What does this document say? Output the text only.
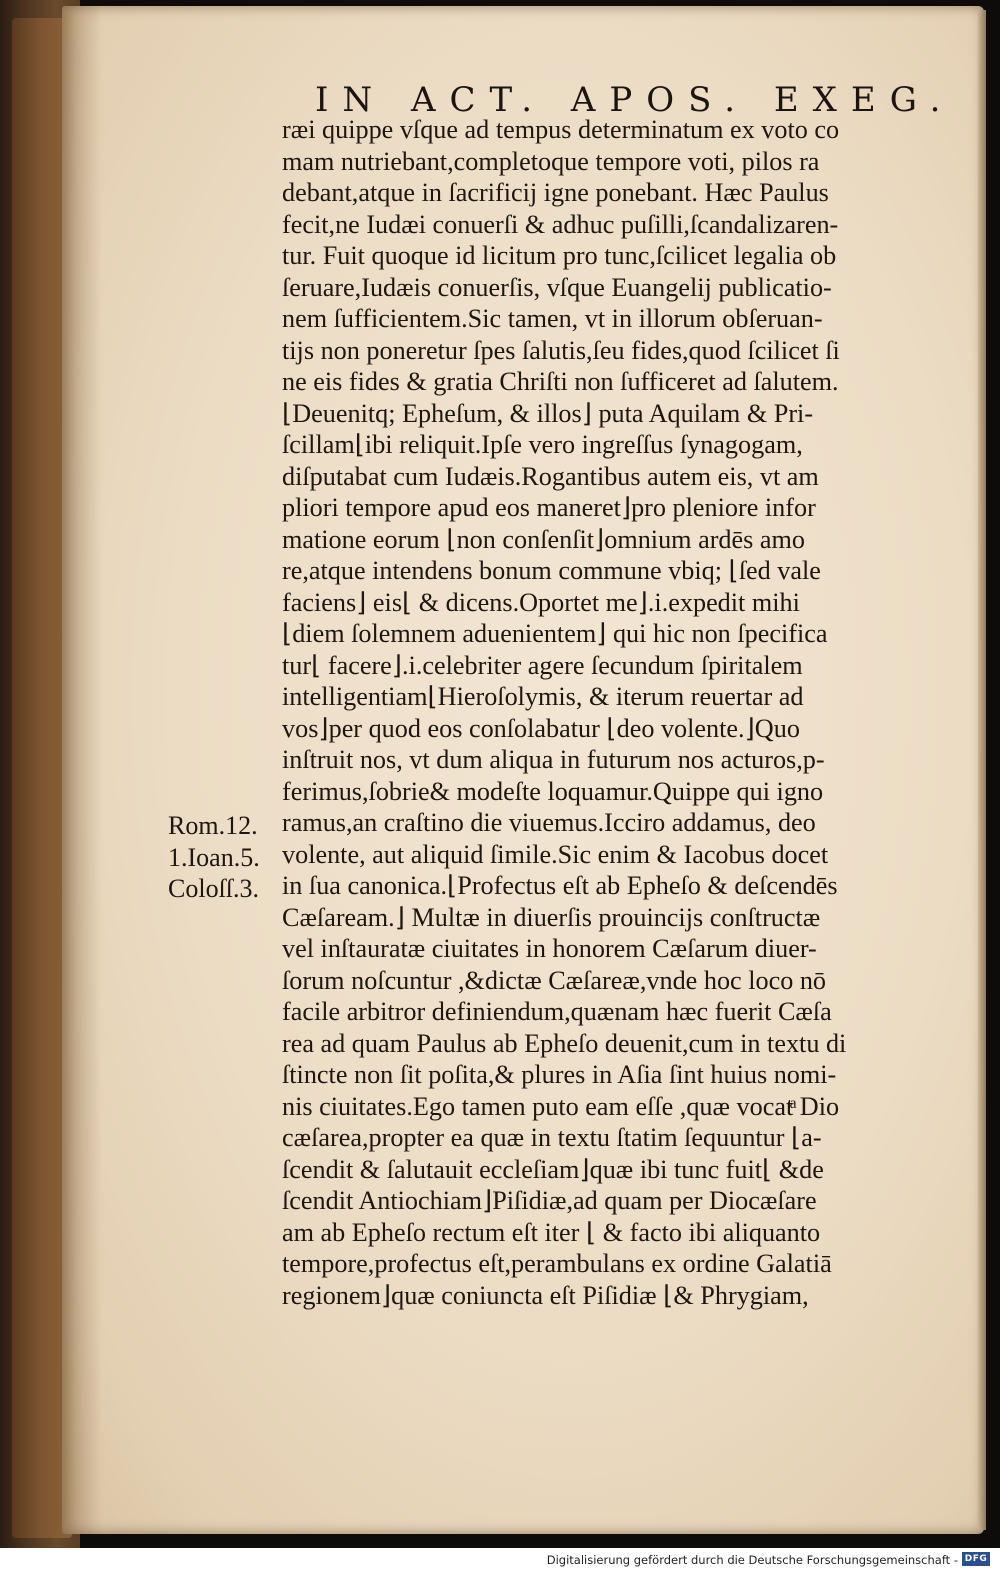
IN ACT. APOS. EXEG.
ræi quippe vſque ad tempus determinatum ex voto co
mam nutriebant,completoque tempore voti, pilos ra
debant,atque in ſacrificij igne ponebant. Hæc Paulus
fecit,ne Iudæi conuerſi & adhuc puſilli,ſcandalizaren-
tur. Fuit quoque id licitum pro tunc,ſcilicet legalia ob
ſeruare,Iudæis conuerſis, vſque Euangelij publicatio-
nem ſufficientem.Sic tamen, vt in illorum obſeruan-
tijs non poneretur ſpes ſalutis,ſeu fides,quod ſcilicet ſi
ne eis fides & gratia Chriſti non ſufficeret ad ſalutem.
⌊Deuenitq; Epheſum, & illos⌋ puta Aquilam & Pri-
ſcillam⌊ibi reliquit.Ipſe vero ingreſſus ſynagogam,
diſputabat cum Iudæis.Rogantibus autem eis, vt am
pliori tempore apud eos maneret⌋pro pleniore infor
matione eorum ⌊non conſenſit⌋omnium ardēs amo
re,atque intendens bonum commune vbiq; ⌊ſed vale
faciens⌋ eis⌊ & dicens.Oportet me⌋.i.expedit mihi
⌊diem ſolemnem aduenientem⌋ qui hic non ſpecifica
tur⌊ facere⌋.i.celebriter agere ſecundum ſpiritalem
intelligentiam⌊Hieroſolymis, & iterum reuertar ad
vos⌋per quod eos conſolabatur ⌊deo volente.⌋Quo
inſtruit nos, vt dum aliqua in futurum nos acturos,p-
ferimus,ſobrie& modeſte loquamur.Quippe qui igno
ramus,an craſtino die viuemus.Icciro addamus, deo
volente, aut aliquid ſimile.Sic enim & Iacobus docet
in ſua canonica.⌊Profectus eſt ab Epheſo & deſcendēs
Cæſaream.⌋ Multæ in diuerſis prouincijs conſtructæ
vel inſtauratæ ciuitates in honorem Cæſarum diuer-
ſorum noſcuntur ,&dictæ Cæſareæ,vnde hoc loco nō
facile arbitror definiendum,quænam hæc fuerit Cæſa
rea ad quam Paulus ab Epheſo deuenit,cum in textu di
ſtincte non ſit poſita,& plures in Aſia ſint huius nomi-
nis ciuitates.Ego tamen puto eam eſſe ,quæ vocatͣ Dio
cæſarea,propter ea quæ in textu ſtatim ſequuntur ⌊a-
ſcendit & ſalutauit eccleſiam⌋quæ ibi tunc fuit⌊ &de
ſcendit Antiochiam⌋Piſidiæ,ad quam per Diocæſare
am ab Epheſo rectum eſt iter ⌊ & facto ibi aliquanto
tempore,profectus eſt,perambulans ex ordine Galatiā
regionem⌋quæ coniuncta eſt Piſidiæ ⌊& Phrygiam,
Rom.12.
1.Ioan.5.
Coloſſ.3.
Digitalisierung gefördert durch die Deutsche Forschungsgemeinschaft - DFG
